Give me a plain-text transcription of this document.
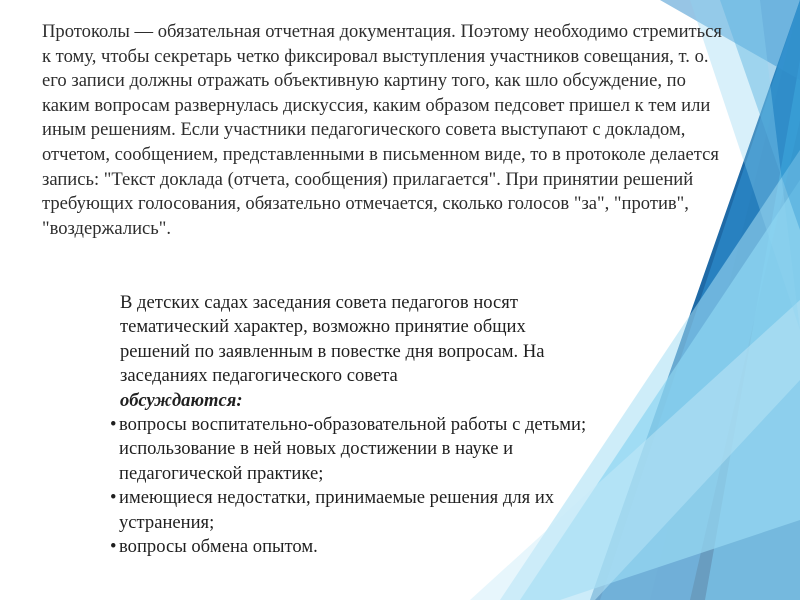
Протоколы — обязательная отчетная документация. Поэтому необходимо стремиться к тому, чтобы секретарь четко фиксировал выступления участников совещания, т. о. его записи должны отражать объективную картину того, как шло обсуждение, по каким вопросам развернулась дискуссия, каким образом педсовет пришел к тем или иным решениям. Если участники педагогического совета выступают с докладом, отчетом, сообщением, представленными в письменном виде, то в протоколе делается запись: "Текст доклада (отчета, сообщения) прилагается". При принятии решений требующих голосования, обязательно отмечается, сколько голосов "за", "против", "воздержались".

В детских садах заседания совета педагогов носят тематический характер, возможно принятие общих решений по заявленным в повестке дня вопросам. На заседаниях педагогического совета
обсуждаются:

• вопросы воспитательно-образовательной работы с детьми; использование в ней новых достижении в науке и педагогической практике;
• имеющиеся недостатки, принимаемые решения для их устранения;
• вопросы обмена опытом.
